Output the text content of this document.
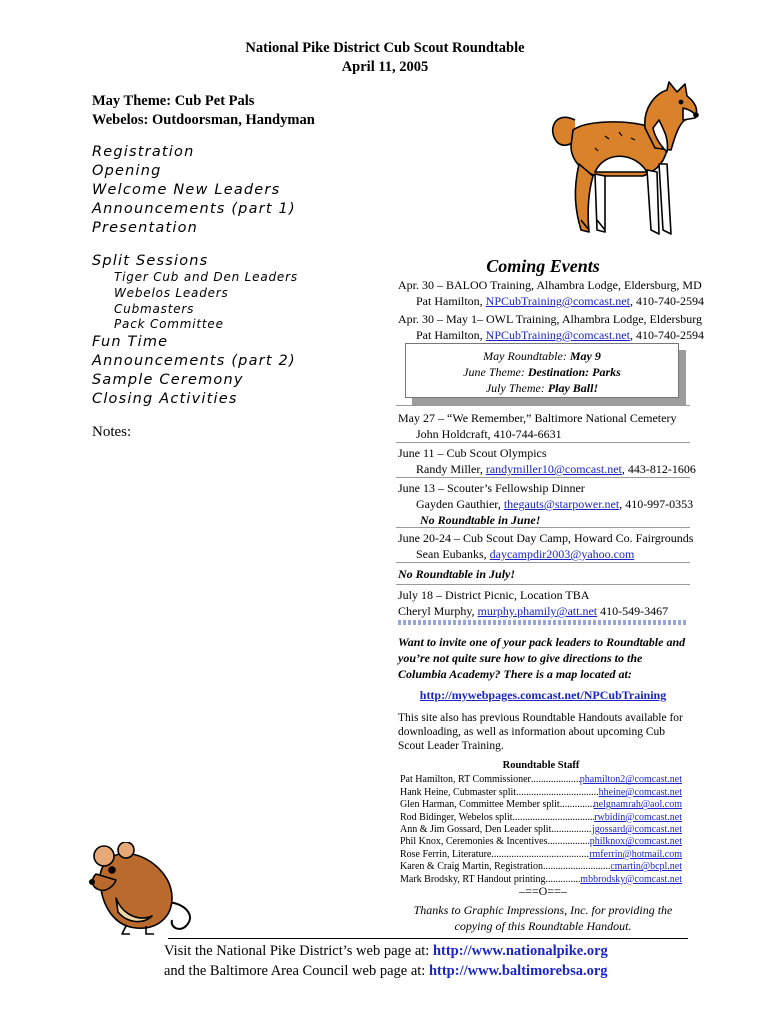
National Pike District Cub Scout Roundtable
April 11, 2005
May Theme: Cub Pet Pals
Webelos: Outdoorsman, Handyman
Registration
Opening
Welcome New Leaders
Announcements (part 1)
Presentation
Split Sessions
Tiger Cub and Den Leaders
Webelos Leaders
Cubmasters
Pack Committee
Fun Time
Announcements (part 2)
Sample Ceremony
Closing Activities
Notes:
Coming Events
Apr. 30 – BALOO Training, Alhambra Lodge, Eldersburg, MD
Pat Hamilton, NPCubTraining@comcast.net, 410-740-2594
Apr. 30 – May 1– OWL Training, Alhambra Lodge, Eldersburg
Pat Hamilton, NPCubTraining@comcast.net, 410-740-2594
May Roundtable: May 9
June Theme: Destination: Parks
July Theme: Play Ball!
May 27 – “We Remember,” Baltimore National Cemetery
John Holdcraft, 410-744-6631
June 11 – Cub Scout Olympics
Randy Miller, randymiller10@comcast.net, 443-812-1606
June 13 – Scouter’s Fellowship Dinner
Gayden Gauthier, thegauts@starpower.net, 410-997-0353
No Roundtable in June!
June 20-24 – Cub Scout Day Camp, Howard Co. Fairgrounds
Sean Eubanks, daycampdir2003@yahoo.com
No Roundtable in July!
July 18 – District Picnic, Location TBA
Cheryl Murphy, murphy.phamily@att.net 410-549-3467
Want to invite one of your pack leaders to Roundtable and you’re not quite sure how to give directions to the Columbia Academy? There is a map located at:
http://mywebpages.comcast.net/NPCubTraining
This site also has previous Roundtable Handouts available for downloading, as well as information about upcoming Cub Scout Leader Training.
Roundtable Staff
Pat Hamilton, RT Commissioner .....	phamilton2@comcast.net
Hank Heine, Cubmaster split .....	hheine@comcast.net
Glen Harman, Committee Member split .....	nelgnamrah@aol.com
Rod Bidinger, Webelos split .....	rwbidin@comcast.net
Ann & Jim Gossard, Den Leader split .....	jgossard@comcast.net
Phil Knox, Ceremonies & Incentives .....	philknox@comcast.net
Rose Ferrin, Literature .....	rmferrin@hotmail.com
Karen & Craig Martin, Registration .....	cmartin@bcpl.net
Mark Brodsky, RT Handout printing .....	mbbrodsky@comcast.net
–==O==–
Thanks to Graphic Impressions, Inc. for providing the copying of this Roundtable Handout.
Visit the National Pike District’s web page at: http://www.nationalpike.org
and the Baltimore Area Council web page at: http://www.baltimorebsa.org
